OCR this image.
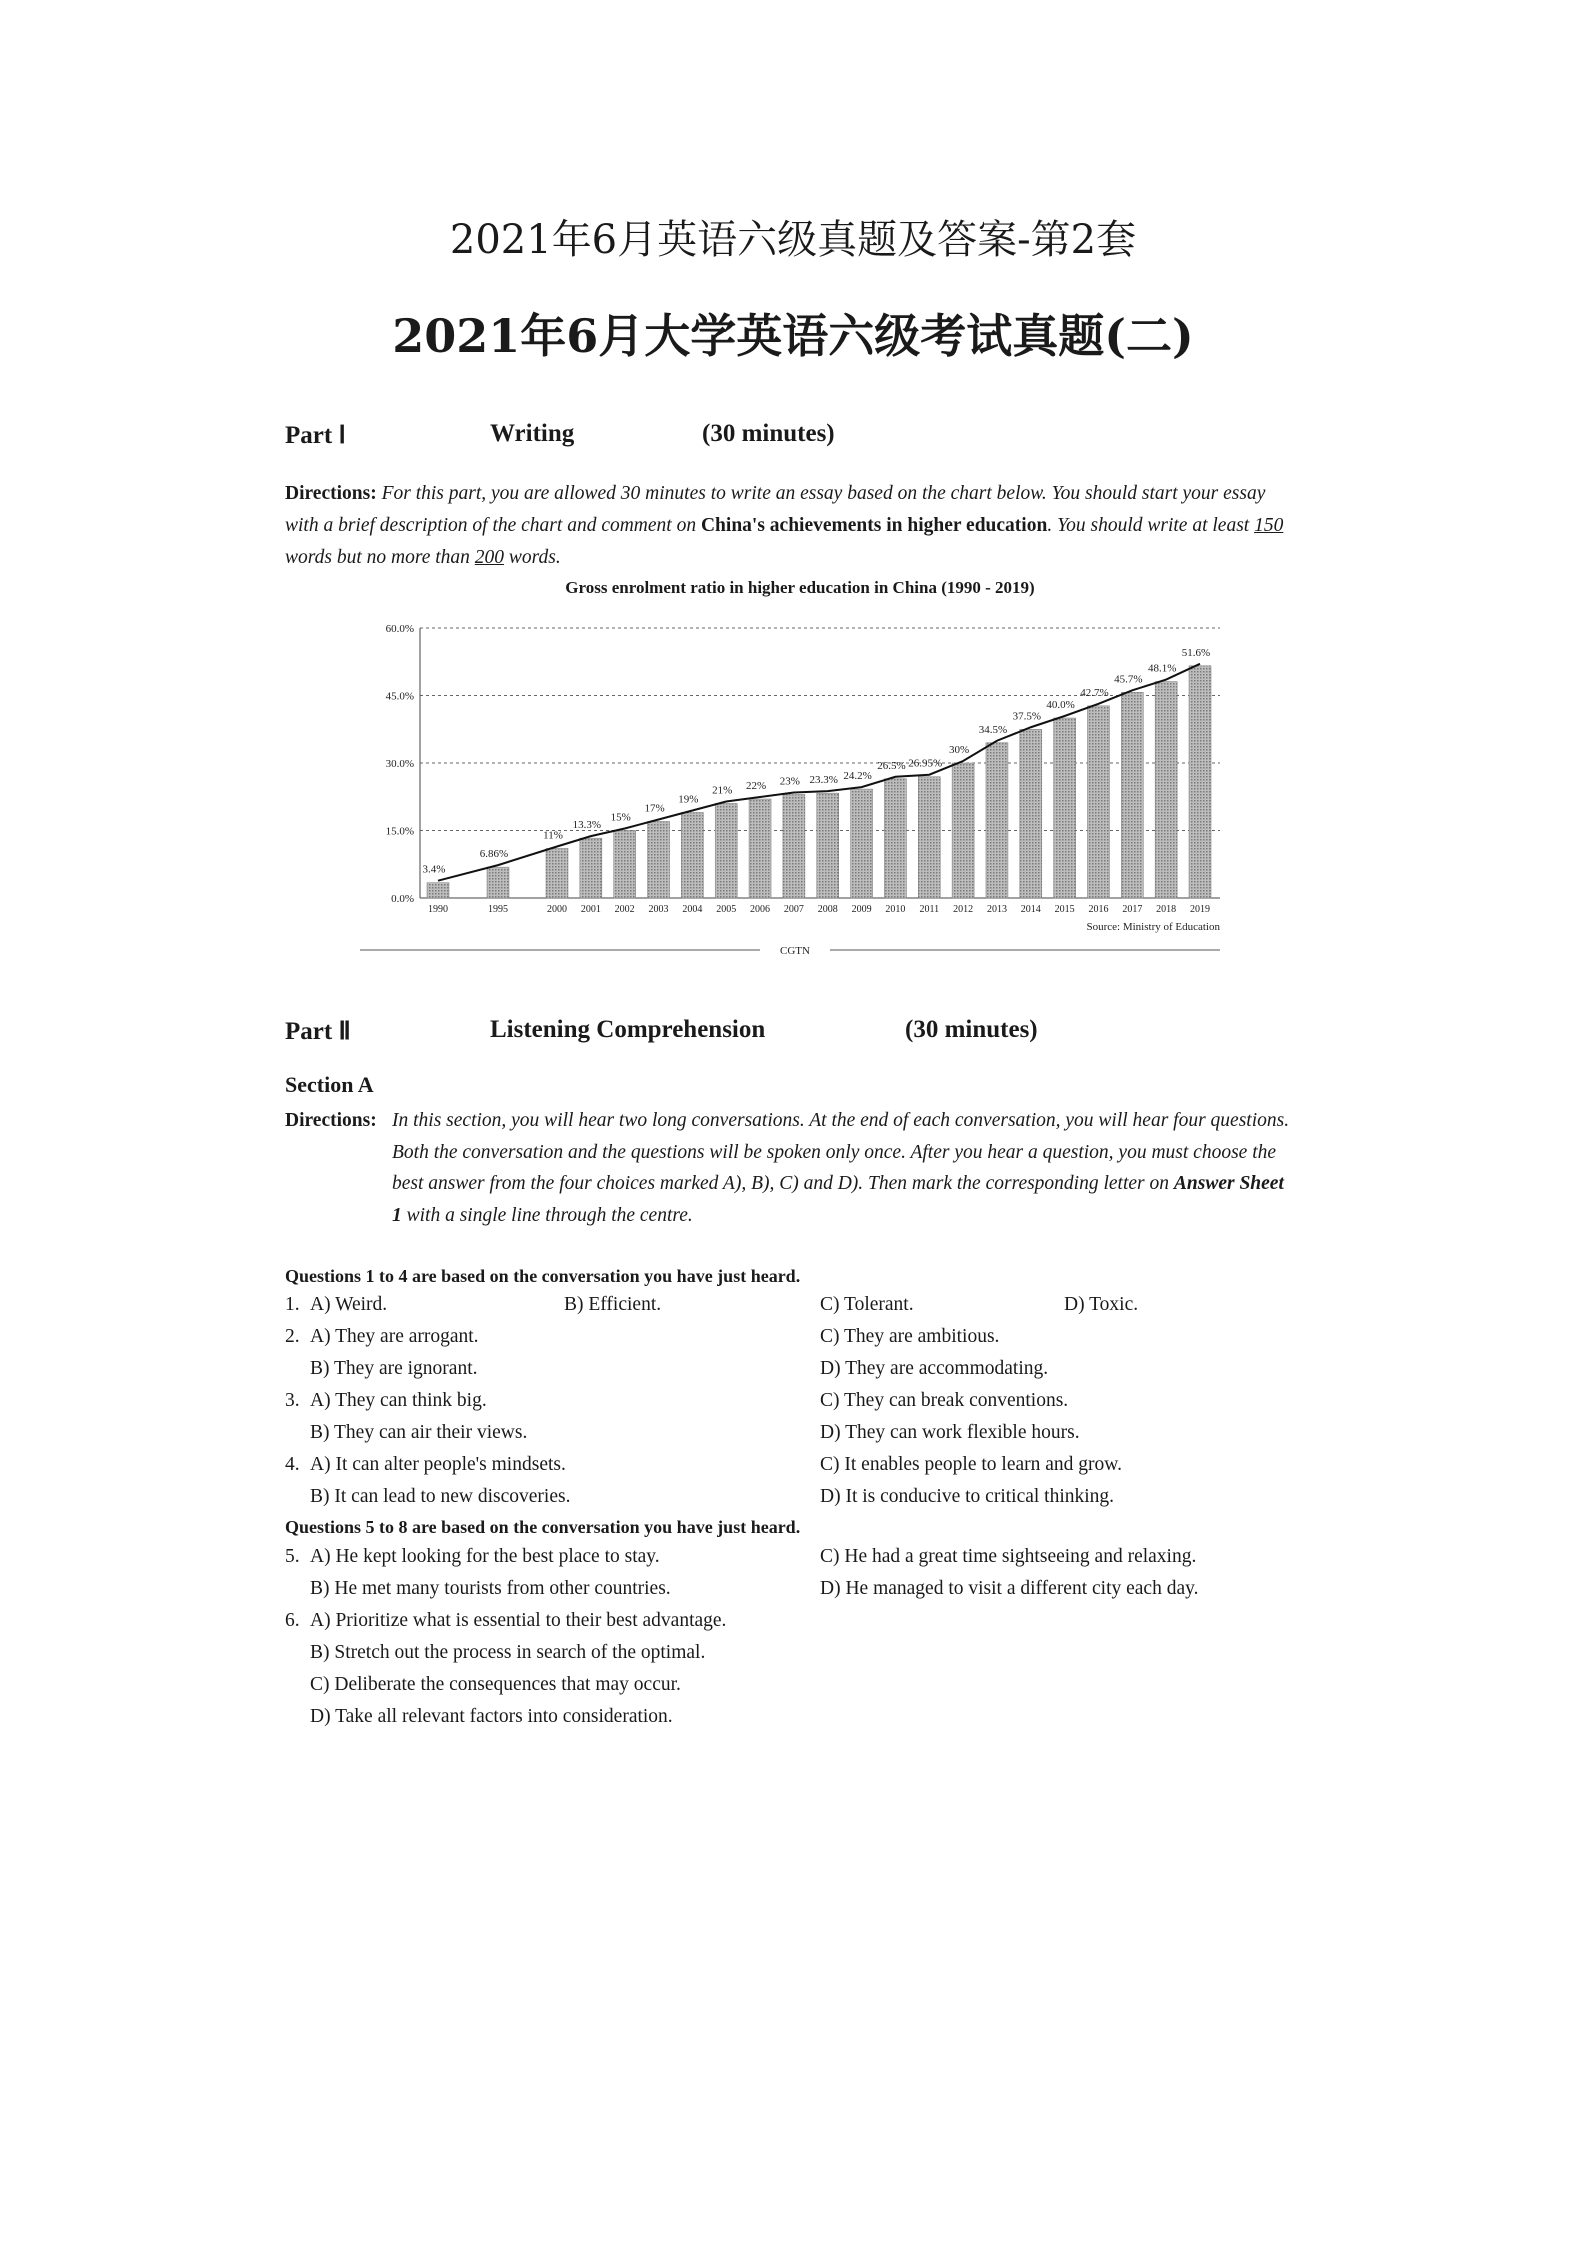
2021年6月英语六级真题及答案-第2套
2021年6月大学英语六级考试真题(二)
Part Ⅰ	Writing	(30 minutes)
Directions: For this part, you are allowed 30 minutes to write an essay based on the chart below. You should start your essay with a brief description of the chart and comment on China's achievements in higher education. You should write at least 150 words but no more than 200 words.
Gross enrolment ratio in higher education in China (1990 - 2019)
0.0%
15.0%
30.0%
45.0%
60.0%
3.4%
1990
6.86%
1995
11%
2000
13.3%
2001
15%
2002
17%
2003
19%
2004
21%
2005
22%
2006
23%
2007
23.3%
2008
24.2%
2009
26.5%
2010
26.95%
2011
30%
2012
34.5%
2013
37.5%
2014
40.0%
2015
42.7%
2016
45.7%
2017
48.1%
2018
51.6%
2019
Source: Ministry of Education
CGTN
Part Ⅱ	Listening Comprehension	(30 minutes)
Section A
Directions: In this section, you will hear two long conversations. At the end of each conversation, you will hear four questions. Both the conversation and the questions will be spoken only once. After you hear a question, you must choose the best answer from the four choices marked A), B), C) and D). Then mark the corresponding letter on Answer Sheet 1 with a single line through the centre.
Questions 1 to 4 are based on the conversation you have just heard.
1. A) Weird.	B) Efficient.	C) Tolerant.	D) Toxic.
2. A) They are arrogant.	C) They are ambitious.
B) They are ignorant.	D) They are accommodating.
3. A) They can think big.	C) They can break conventions.
B) They can air their views.	D) They can work flexible hours.
4. A) It can alter people's mindsets.	C) It enables people to learn and grow.
B) It can lead to new discoveries.	D) It is conducive to critical thinking.
Questions 5 to 8 are based on the conversation you have just heard.
5. A) He kept looking for the best place to stay.	C) He had a great time sightseeing and relaxing.
B) He met many tourists from other countries.	D) He managed to visit a different city each day.
6. A) Prioritize what is essential to their best advantage.
B) Stretch out the process in search of the optimal.
C) Deliberate the consequences that may occur.
D) Take all relevant factors into consideration.
